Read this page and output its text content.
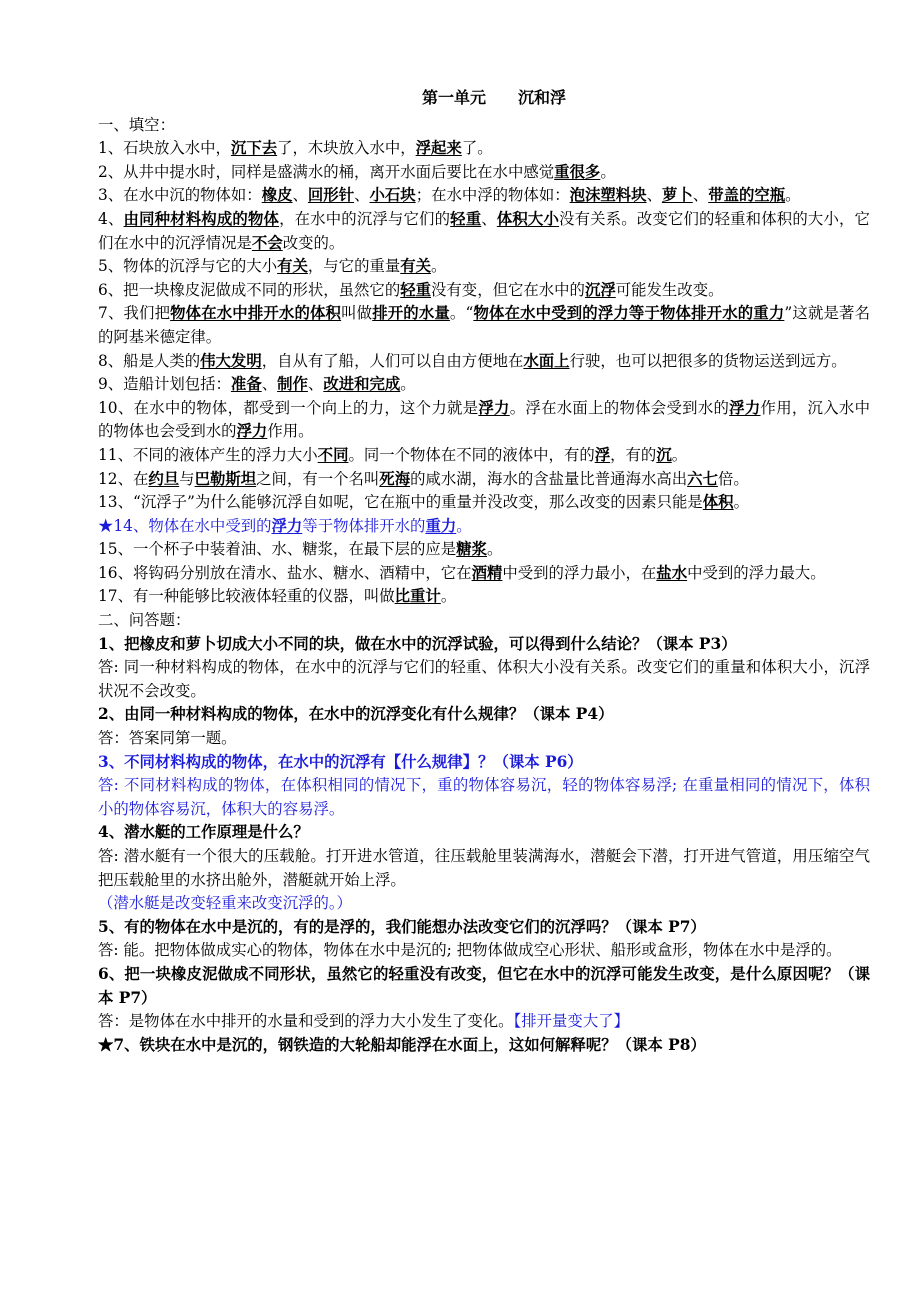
第一单元　　沉和浮
一、填空：
1、石块放入水中，沉下去了，木块放入水中，浮起来了。
2、从井中提水时，同样是盛满水的桶，离开水面后要比在水中感觉重很多。
3、在水中沉的物体如：橡皮、回形针、小石块；在水中浮的物体如：泡沫塑料块、萝卜、带盖的空瓶。
4、由同种材料构成的物体，在水中的沉浮与它们的轻重、体积大小没有关系。改变它们的轻重和体积的大小，它们在水中的沉浮情况是不会改变的。
5、物体的沉浮与它的大小有关，与它的重量有关。
6、把一块橡皮泥做成不同的形状，虽然它的轻重没有变，但它在水中的沉浮可能发生改变。
7、我们把物体在水中排开水的体积叫做排开的水量。“物体在水中受到的浮力等于物体排开水的重力”这就是著名的阿基米德定律。
8、船是人类的伟大发明，自从有了船，人们可以自由方便地在水面上行驶，也可以把很多的货物运送到远方。
9、造船计划包括：准备、制作、改进和完成。
10、在水中的物体，都受到一个向上的力，这个力就是浮力。浮在水面上的物体会受到水的浮力作用，沉入水中的物体也会受到水的浮力作用。
11、不同的液体产生的浮力大小不同。同一个物体在不同的液体中，有的浮，有的沉。
12、在约旦与巴勒斯坦之间，有一个名叫死海的咸水湖，海水的含盐量比普通海水高出六七倍。
13、“沉浮子”为什么能够沉浮自如呢，它在瓶中的重量并没改变，那么改变的因素只能是体积。
★14、物体在水中受到的浮力等于物体排开水的重力。
15、一个杯子中装着油、水、糖浆，在最下层的应是糖浆。
16、将钩码分别放在清水、盐水、糖水、酒精中，它在酒精中受到的浮力最小，在盐水中受到的浮力最大。
17、有一种能够比较液体轻重的仪器，叫做比重计。
二、问答题：
1、把橡皮和萝卜切成大小不同的块，做在水中的沉浮试验，可以得到什么结论？（课本 P3）
答: 同一种材料构成的物体，在水中的沉浮与它们的轻重、体积大小没有关系。改变它们的重量和体积大小，沉浮状况不会改变。
2、由同一种材料构成的物体，在水中的沉浮变化有什么规律？（课本 P4）
答：答案同第一题。
3、不同材料构成的物体，在水中的沉浮有【什么规律】？（课本 P6）
答: 不同材料构成的物体，在体积相同的情况下，重的物体容易沉，轻的物体容易浮; 在重量相同的情况下，体积小的物体容易沉，体积大的容易浮。
4、潜水艇的工作原理是什么？
答: 潜水艇有一个很大的压载舱。打开进水管道，往压载舱里装满海水，潜艇会下潜，打开进气管道，用压缩空气把压载舱里的水挤出舱外，潜艇就开始上浮。
（潜水艇是改变轻重来改变沉浮的。）
5、有的物体在水中是沉的，有的是浮的，我们能想办法改变它们的沉浮吗？（课本 P7）
答: 能。把物体做成实心的物体，物体在水中是沉的; 把物体做成空心形状、船形或盒形，物体在水中是浮的。
6、把一块橡皮泥做成不同形状，虽然它的轻重没有改变，但它在水中的沉浮可能发生改变，是什么原因呢？（课本 P7）
答：是物体在水中排开的水量和受到的浮力大小发生了变化。【排开量变大了】
★7、铁块在水中是沉的，钢铁造的大轮船却能浮在水面上，这如何解释呢？（课本 P8）
